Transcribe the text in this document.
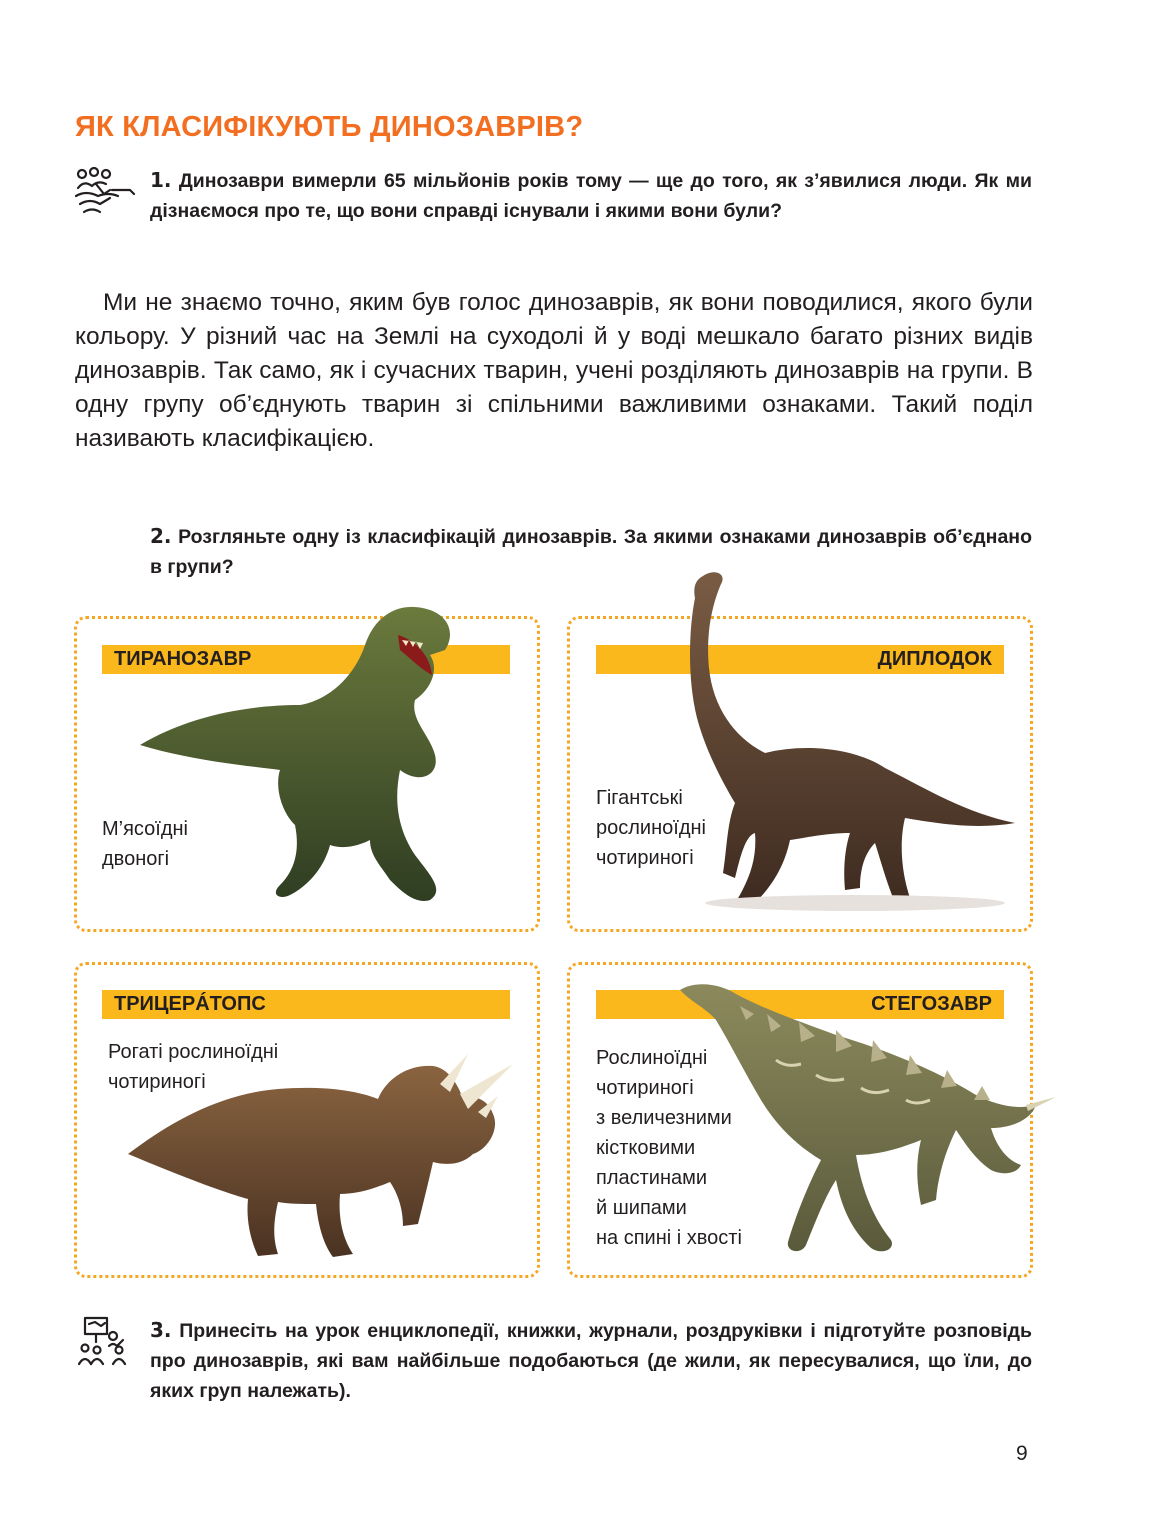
ЯК КЛАСИФІКУЮТЬ ДИНОЗАВРІВ?
1. Динозаври вимерли 65 мільйонів років тому — ще до того, як з’явилися люди. Як ми дізнаємося про те, що вони справді існували і якими вони були?
Ми не знаємо точно, яким був голос динозаврів, як вони поводилися, якого були кольору. У різний час на Землі на суходолі й у воді мешкало багато різних видів динозаврів. Так само, як і сучасних тварин, учені розділяють динозаврів на групи. В одну групу об’єднують тварин зі спільними важливими ознаками. Такий поділ називають класифікацією.
2. Розгляньте одну із класифікацій динозаврів. За якими ознаками динозаврів об’єднано в групи?
ТИРАНОЗАВР
М’ясоїдні
двоногі
ДИПЛОДОК
Гігантські
рослиноїдні
чотириногі
ТРИЦЕРÁТОПС
Рогаті рослиноїдні
чотириногі
СТЕГОЗАВР
Рослиноїдні
чотириногі
з величезними
кістковими
пластинами
й шипами
на спині і хвості
3. Принесіть на урок енциклопедії, книжки, журнали, роздруківки і підготуйте розповідь про динозаврів, які вам найбільше подобаються (де жили, як пересувалися, що їли, до яких груп належать).
9
